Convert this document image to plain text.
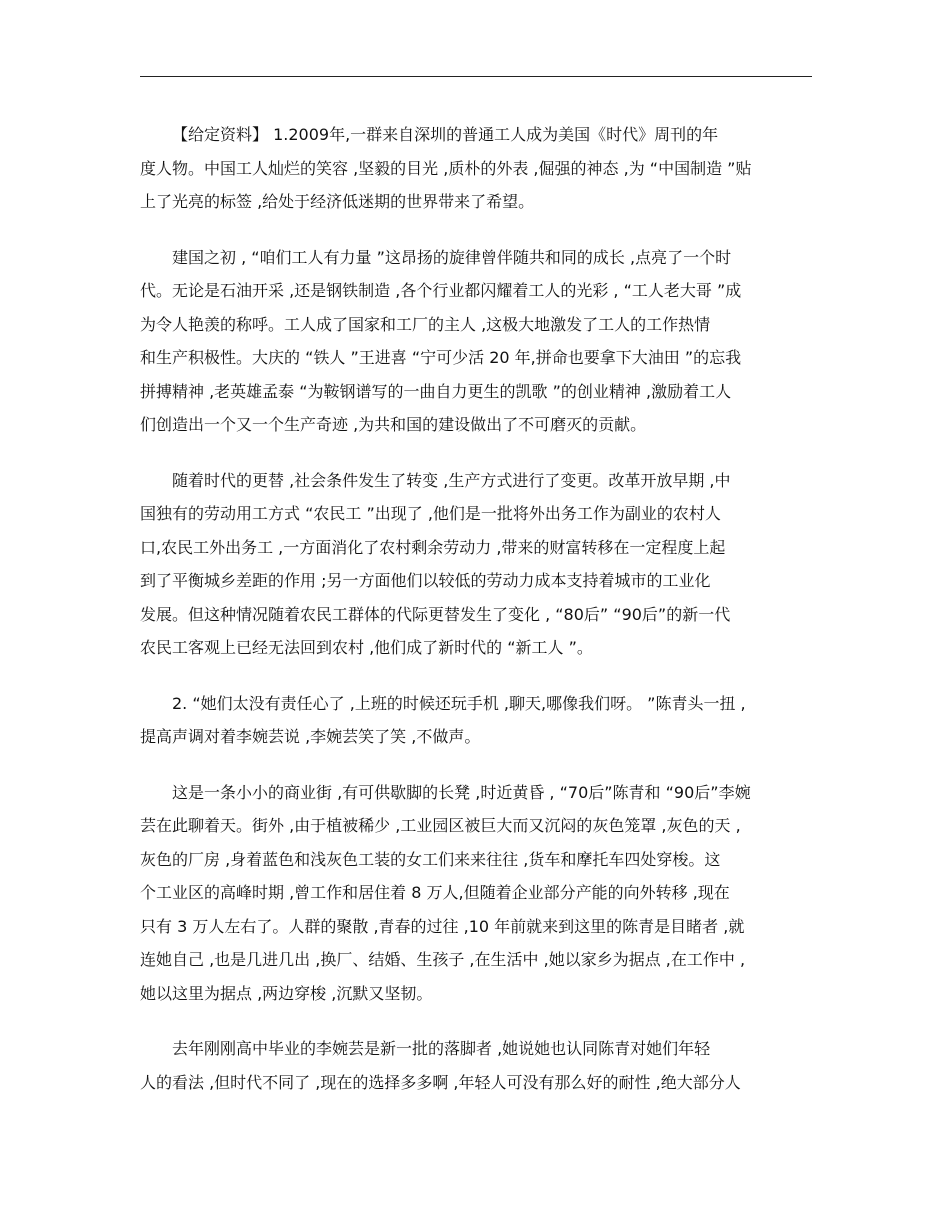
【给定资料】 1.2009年,一群来自深圳的普通工人成为美国《时代》周刊的年
度人物。中国工人灿烂的笑容 ,坚毅的目光 ,质朴的外表 ,倔强的神态 ,为 “中国制造 ”贴
上了光亮的标签 ,给处于经济低迷期的世界带来了希望。

建国之初 , “咱们工人有力量 ”这昂扬的旋律曾伴随共和同的成长 ,点亮了一个时
代。无论是石油开采 ,还是钢铁制造 ,各个行业都闪耀着工人的光彩 , “工人老大哥 ”成
为令人艳羡的称呼。工人成了国家和工厂的主人 ,这极大地激发了工人的工作热情
和生产积极性。大庆的 “铁人 ”王进喜 “宁可少活 20 年,拼命也要拿下大油田 ”的忘我
拼搏精神 ,老英雄孟泰 “为鞍钢谱写的一曲自力更生的凯歌 ”的创业精神 ,激励着工人
们创造出一个又一个生产奇迹 ,为共和国的建设做出了不可磨灭的贡献。

随着时代的更替 ,社会条件发生了转变 ,生产方式进行了变更。改革开放早期 ,中
国独有的劳动用工方式 “农民工 ”出现了 ,他们是一批将外出务工作为副业的农村人
口,农民工外出务工 ,一方面消化了农村剩余劳动力 ,带来的财富转移在一定程度上起
到了平衡城乡差距的作用 ;另一方面他们以较低的劳动力成本支持着城市的工业化
发展。但这种情况随着农民工群体的代际更替发生了变化 , “80后” “90后”的新一代
农民工客观上已经无法回到农村 ,他们成了新时代的 “新工人 ”。

2. “她们太没有责任心了 ,上班的时候还玩手机 ,聊天,哪像我们呀。 ”陈青头一扭 ,
提高声调对着李婉芸说 ,李婉芸笑了笑 ,不做声。

这是一条小小的商业街 ,有可供歇脚的长凳 ,时近黄昏 , “70后”陈青和 “90后”李婉
芸在此聊着天。街外 ,由于植被稀少 ,工业园区被巨大而又沉闷的灰色笼罩 ,灰色的天 ,
灰色的厂房 ,身着蓝色和浅灰色工装的女工们来来往往 ,货车和摩托车四处穿梭。这
个工业区的高峰时期 ,曾工作和居住着 8 万人,但随着企业部分产能的向外转移 ,现在
只有 3 万人左右了。人群的聚散 ,青春的过往 ,10 年前就来到这里的陈青是目睹者 ,就
连她自己 ,也是几进几出 ,换厂、结婚、生孩子 ,在生活中 ,她以家乡为据点 ,在工作中 ,
她以这里为据点 ,两边穿梭 ,沉默又坚韧。

去年刚刚高中毕业的李婉芸是新一批的落脚者 ,她说她也认同陈青对她们年轻
人的看法 ,但时代不同了 ,现在的选择多多啊 ,年轻人可没有那么好的耐性 ,绝大部分人
